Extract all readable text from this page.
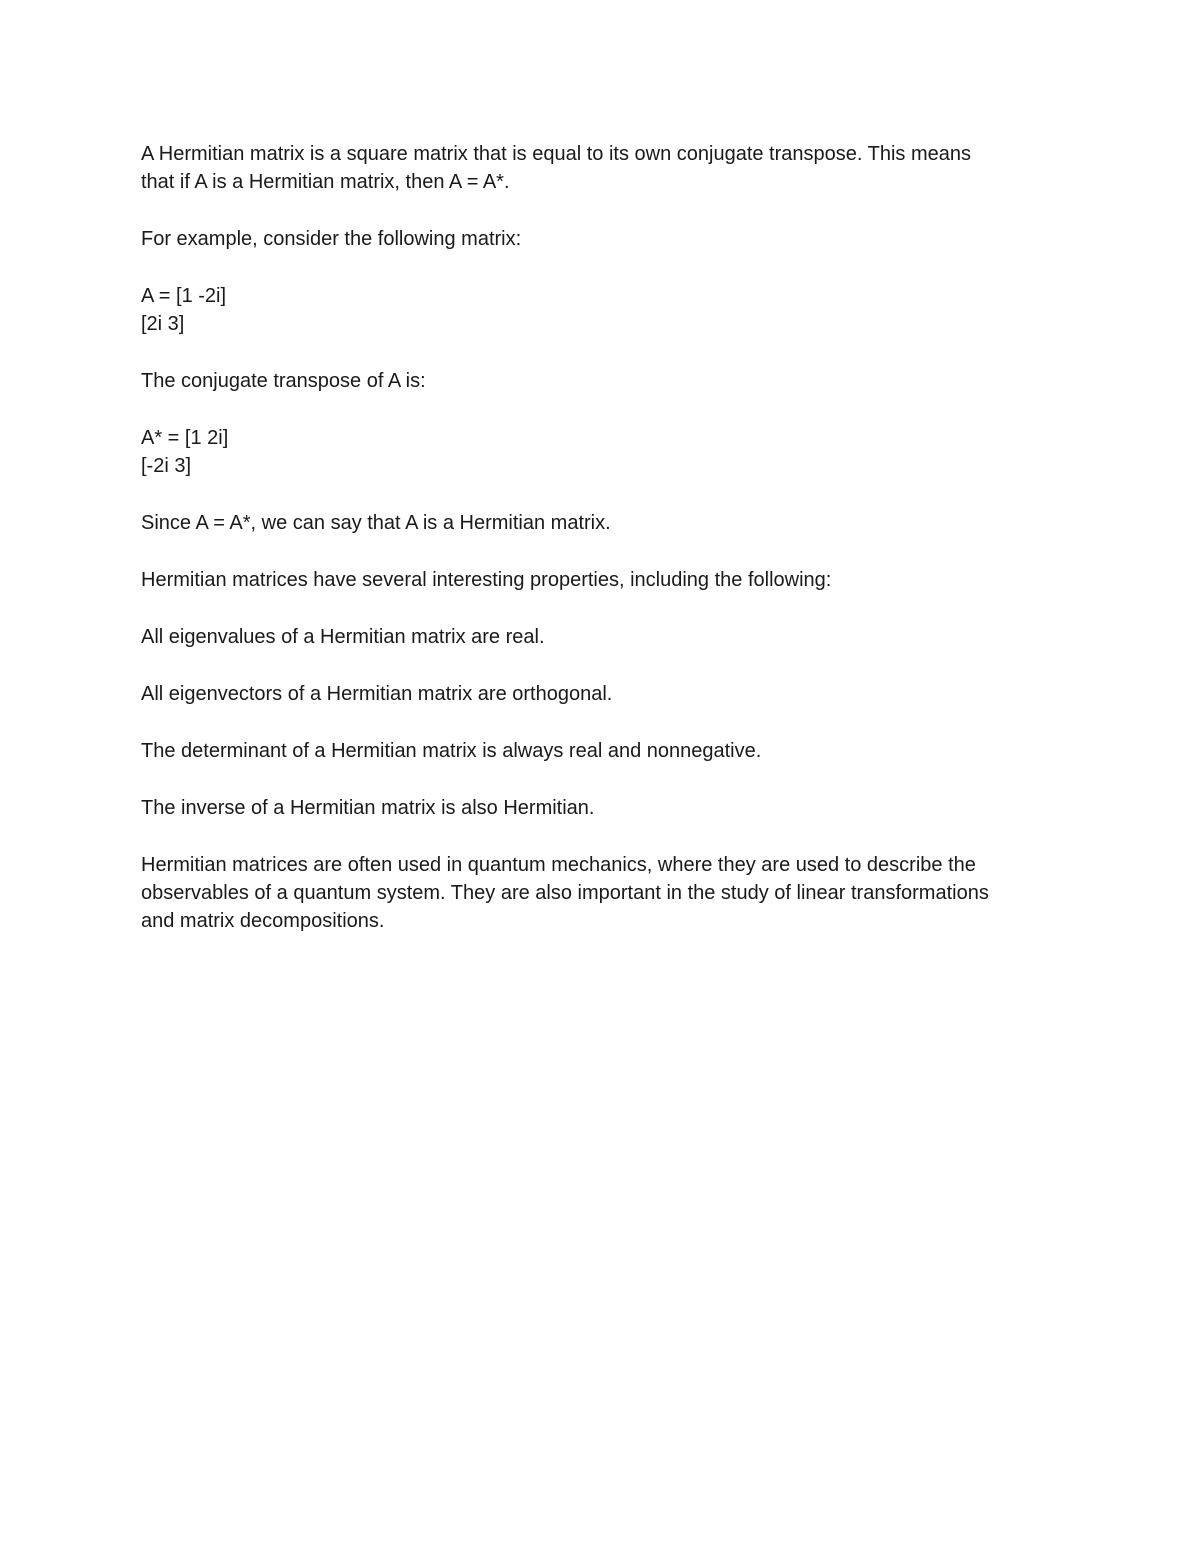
A Hermitian matrix is a square matrix that is equal to its own conjugate transpose. This means
that if A is a Hermitian matrix, then A = A*.

For example, consider the following matrix:

A = [1 -2i]
[2i 3]

The conjugate transpose of A is:

A* = [1 2i]
[-2i 3]

Since A = A*, we can say that A is a Hermitian matrix.

Hermitian matrices have several interesting properties, including the following:

All eigenvalues of a Hermitian matrix are real.

All eigenvectors of a Hermitian matrix are orthogonal.

The determinant of a Hermitian matrix is always real and nonnegative.

The inverse of a Hermitian matrix is also Hermitian.

Hermitian matrices are often used in quantum mechanics, where they are used to describe the
observables of a quantum system. They are also important in the study of linear transformations
and matrix decompositions.
